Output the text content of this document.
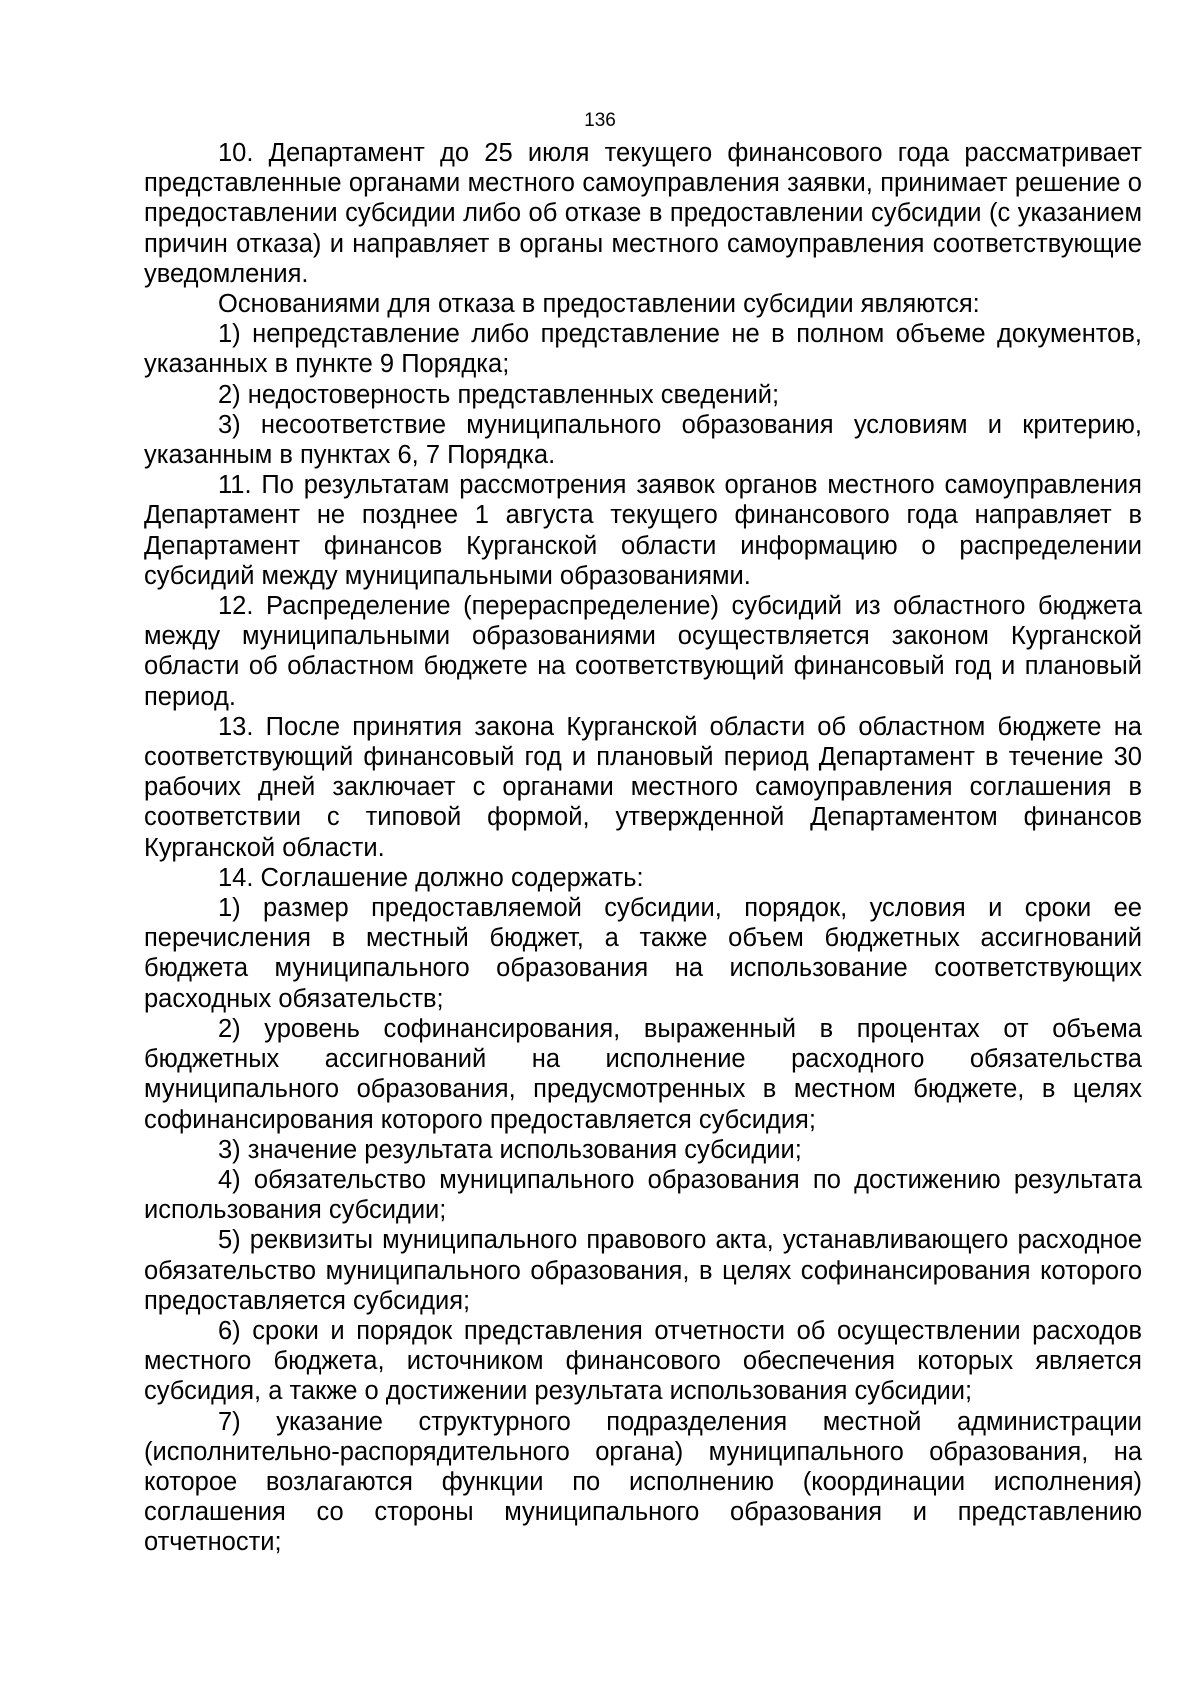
136

10. Департамент до 25 июля текущего финансового года рассматривает представленные органами местного самоуправления заявки, принимает решение о предоставлении субсидии либо об отказе в предоставлении субсидии (с указанием причин отказа) и направляет в органы местного самоуправления соответствующие уведомления.

Основаниями для отказа в предоставлении субсидии являются:

1) непредставление либо представление не в полном объеме документов, указанных в пункте 9 Порядка;

2) недостоверность представленных сведений;

3) несоответствие муниципального образования условиям и критерию, указанным в пунктах 6, 7 Порядка.

11. По результатам рассмотрения заявок органов местного самоуправления Департамент не позднее 1 августа текущего финансового года направляет в Департамент финансов Курганской области информацию о распределении субсидий между муниципальными образованиями.

12. Распределение (перераспределение) субсидий из областного бюджета между муниципальными образованиями осуществляется законом Курганской области об областном бюджете на соответствующий финансовый год и плановый период.

13. После принятия закона Курганской области об областном бюджете на соответствующий финансовый год и плановый период Департамент в течение 30 рабочих дней заключает с органами местного самоуправления соглашения в соответствии с типовой формой, утвержденной Департаментом финансов Курганской области.

14. Соглашение должно содержать:

1) размер предоставляемой субсидии, порядок, условия и сроки ее перечисления в местный бюджет, а также объем бюджетных ассигнований бюджета муниципального образования на использование соответствующих расходных обязательств;

2) уровень софинансирования, выраженный в процентах от объема бюджетных ассигнований на исполнение расходного обязательства муниципального образования, предусмотренных в местном бюджете, в целях софинансирования которого предоставляется субсидия;

3) значение результата использования субсидии;

4) обязательство муниципального образования по достижению результата использования субсидии;

5) реквизиты муниципального правового акта, устанавливающего расходное обязательство муниципального образования, в целях софинансирования которого предоставляется субсидия;

6) сроки и порядок представления отчетности об осуществлении расходов местного бюджета, источником финансового обеспечения которых является субсидия, а также о достижении результата использования субсидии;

7) указание структурного подразделения местной администрации (исполнительно-распорядительного органа) муниципального образования, на которое возлагаются функции по исполнению (координации исполнения) соглашения со стороны муниципального образования и представлению отчетности;
